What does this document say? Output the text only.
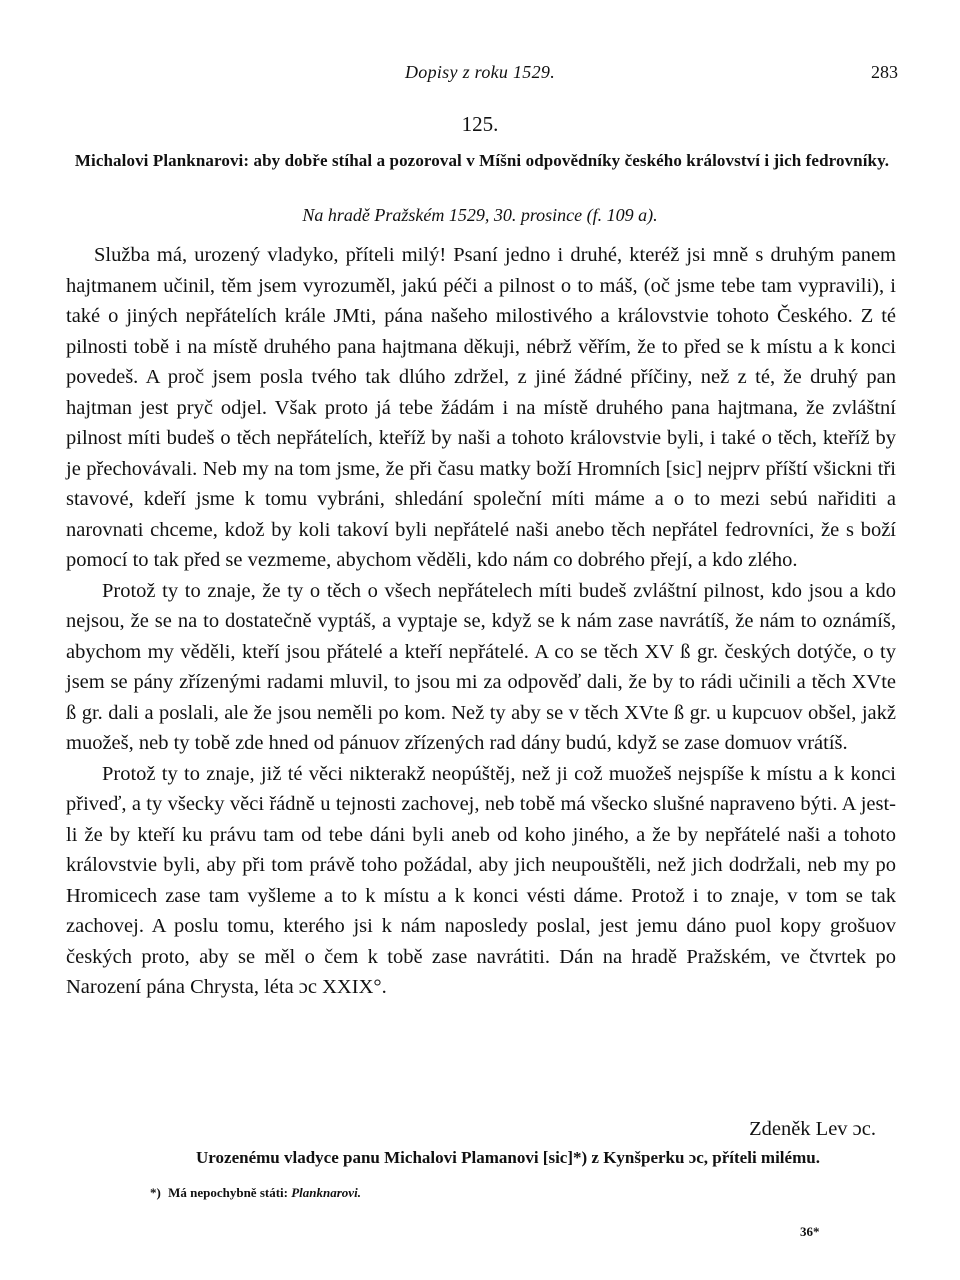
Dopisy z roku 1529.	283
125.
Michalovi Planknarovi: aby dobře stíhal a pozoroval v Míšni odpovědníky českého království i jich fedrovníky.
Na hradě Pražském 1529, 30. prosince (f. 109 a).

Služba má, urozený vladyko, příteli milý! Psaní jedno i druhé, kteréž jsi mně s druhým panem hajtmanem učinil, těm jsem vyrozuměl, jakú péči a pilnost o to máš, (oč jsme tebe tam vypravili), i také o jiných nepřátelích krále JMti, pána našeho milostivého a královstvie tohoto Českého. Z té pilnosti tobě i na místě druhého pana hajtmana děkuji, nébrž věřím, že to před se k místu a k konci povedeš. A proč jsem posla tvého tak dlúho zdržel, z jiné žádné příčiny, než z té, že druhý pan hajtman jest pryč odjel. Však proto já tebe žádám i na místě druhého pana hajtmana, že zvláštní pilnost míti budeš o těch nepřátelích, kteříž by naši a tohoto královstvie byli, i také o těch, kteříž by je přechovávali. Neb my na tom jsme, že při času matky boží Hromních [sic] nejprv příští všickni tři stavové, kdeří jsme k tomu vybráni, shledání společní míti máme a o to mezi sebú nařiditi a narovnati chceme, kdož by koli takoví byli nepřátelé naši anebo těch nepřátel fedrovníci, že s boží pomocí to tak před se vezmeme, abychom věděli, kdo nám co dobrého přejí, a kdo zlého.

Protož ty to znaje, že ty o těch o všech nepřátelech míti budeš zvláštní pilnost, kdo jsou a kdo nejsou, že se na to dostatečně vyptáš, a vyptaje se, když se k nám zase navrátíš, že nám to oznámíš, abychom my věděli, kteří jsou přátelé a kteří nepřátelé. A co se těch XV ß gr. českých dotýče, o ty jsem se pány zřízenými radami mluvil, to jsou mi za odpověď dali, že by to rádi učinili a těch XVte ß gr. dali a poslali, ale že jsou neměli po kom. Než ty aby se v těch XVte ß gr. u kupcuov obšel, jakž muožeš, neb ty tobě zde hned od pánuov zřízených rad dány budú, když se zase domuov vrátíš.

Protož ty to znaje, již té věci nikterakž neopúštěj, než ji což muožeš nejspíše k místu a k konci přiveď, a ty všecky věci řádně u tejnosti zachovej, neb tobě má všecko slušné napraveno býti. A jest-li že by kteří ku právu tam od tebe dáni byli aneb od koho jiného, a že by nepřátelé naši a tohoto královstvie byli, aby při tom právě toho požádal, aby jich neupouštěli, než jich dodržali, neb my po Hromicech zase tam vyšleme a to k místu a k konci vésti dáme. Protož i to znaje, v tom se tak zachovej. A poslu tomu, kterého jsi k nám naposledy poslal, jest jemu dáno puol kopy grošuov českých proto, aby se měl o čem k tobě zase navrátiti. Dán na hradě Pražském, ve čtvrtek po Narození pána Chrysta, léta ɔc XXIX°.

Zdeněk Lev ɔc.
Urozenému vladyce panu Michalovi Plamanovi [sic]*) z Kynšperku ɔc, příteli milému.
*) Má nepochybně státi: Planknarovi.
36*
